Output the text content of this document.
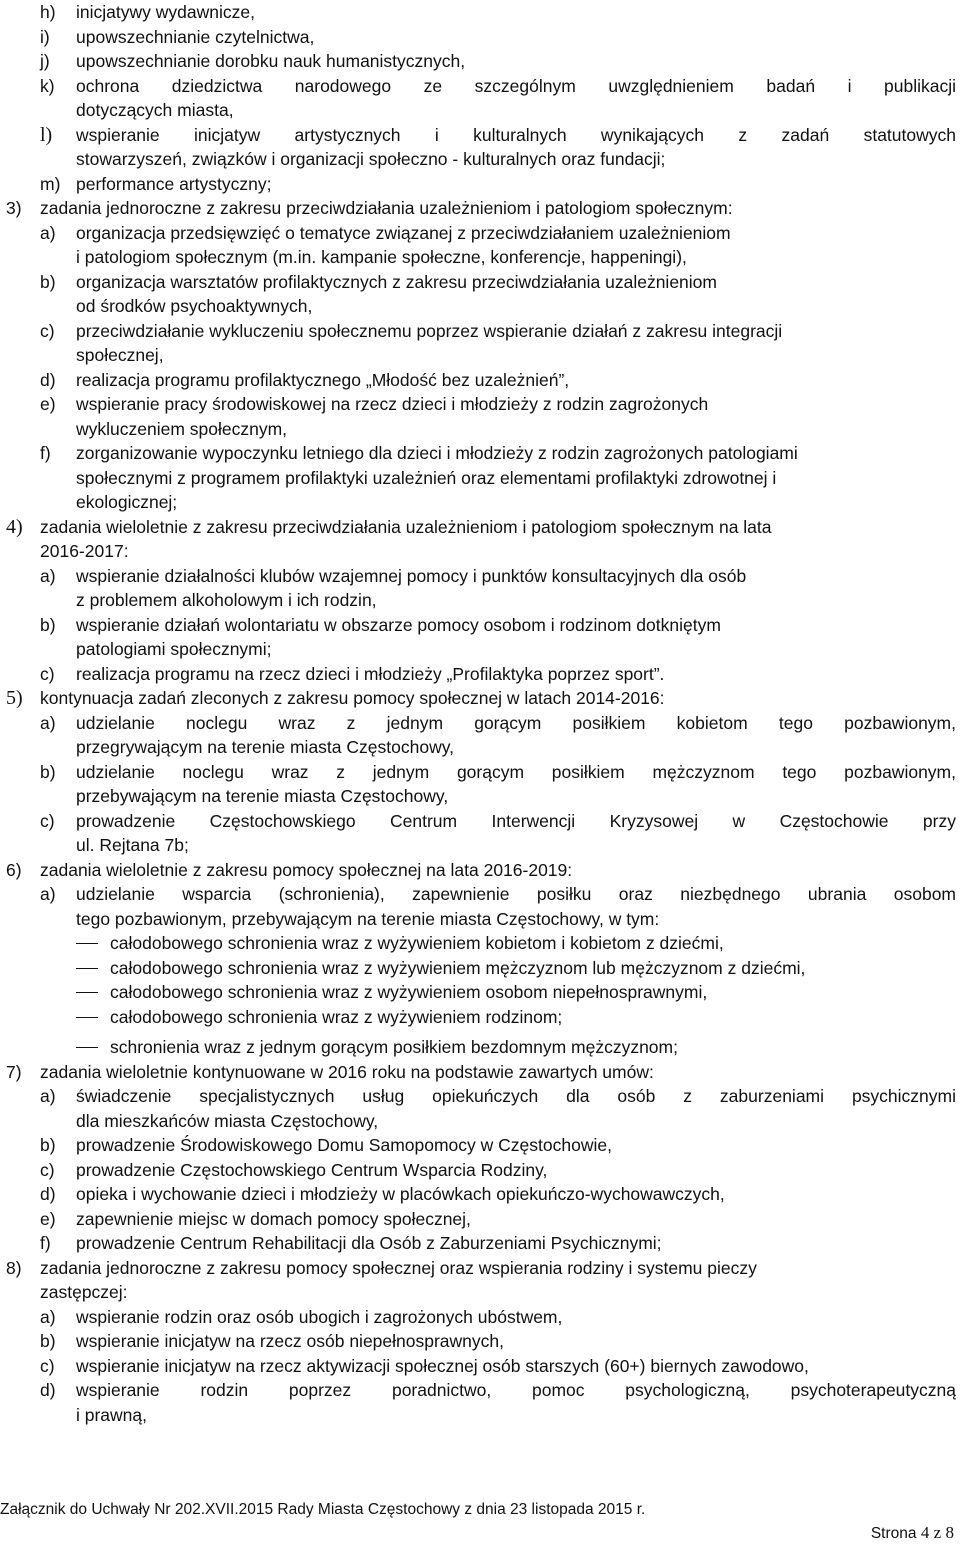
h)	inicjatywy wydawnicze,
i)	upowszechnianie czytelnictwa,
j)	upowszechnianie dorobku nauk humanistycznych,
k)	ochrona dziedzictwa narodowego ze szczególnym uwzględnieniem badań i publikacji
dotyczących miasta,
l)	wspieranie inicjatyw artystycznych i kulturalnych wynikających z zadań statutowych
stowarzyszeń, związków i organizacji społeczno - kulturalnych oraz fundacji;
m) performance artystyczny;
3)	zadania jednoroczne z zakresu przeciwdziałania uzależnieniom i patologiom społecznym:
a)	organizacja przedsięwzięć o tematyce związanej z przeciwdziałaniem uzależnieniom
i patologiom społecznym (m.in. kampanie społeczne, konferencje, happeningi),
b)	organizacja warsztatów profilaktycznych z zakresu przeciwdziałania uzależnieniom
od środków psychoaktywnych,
c)	przeciwdziałanie wykluczeniu społecznemu poprzez wspieranie działań z zakresu integracji
społecznej,
d)	realizacja programu profilaktycznego „Młodość bez uzależnień”,
e)	wspieranie pracy środowiskowej na rzecz dzieci i młodzieży z rodzin zagrożonych
wykluczeniem społecznym,
f)	zorganizowanie wypoczynku letniego dla dzieci i młodzieży z rodzin zagrożonych patologiami
społecznymi z programem profilaktyki uzależnień oraz elementami profilaktyki zdrowotnej i
ekologicznej;
4) zadania wieloletnie z zakresu przeciwdziałania uzależnieniom i patologiom społecznym na lata
2016-2017:
a)	wspieranie działalności klubów wzajemnej pomocy i punktów konsultacyjnych dla osób
z problemem alkoholowym i ich rodzin,
b)	wspieranie działań wolontariatu w obszarze pomocy osobom i rodzinom dotkniętym
patologiami społecznymi;
c)	realizacja programu na rzecz dzieci i młodzieży „Profilaktyka poprzez sport”.
5) kontynuacja zadań zleconych z zakresu pomocy społecznej w latach 2014-2016:
a)	udzielanie noclegu wraz z jednym gorącym posiłkiem kobietom tego pozbawionym,
przegrywającym na terenie miasta Częstochowy,
b)	udzielanie noclegu wraz z jednym gorącym posiłkiem mężczyznom tego pozbawionym,
przebywającym na terenie miasta Częstochowy,
c)	prowadzenie Częstochowskiego Centrum Interwencji Kryzysowej w Częstochowie przy
ul. Rejtana 7b;
6)	zadania wieloletnie z zakresu pomocy społecznej na lata 2016-2019:
a)	udzielanie wsparcia (schronienia), zapewnienie posiłku oraz niezbędnego ubrania osobom
tego pozbawionym, przebywającym na terenie miasta Częstochowy, w tym:
całodobowego schronienia wraz z wyżywieniem kobietom i kobietom z dziećmi,
całodobowego schronienia wraz z wyżywieniem mężczyznom lub mężczyznom z dziećmi,
całodobowego schronienia wraz z wyżywieniem osobom niepełnosprawnymi,
całodobowego schronienia wraz z wyżywieniem rodzinom;
schronienia wraz z jednym gorącym posiłkiem bezdomnym mężczyznom;
7)	zadania wieloletnie kontynuowane w 2016 roku na podstawie zawartych umów:
a)	świadczenie specjalistycznych usług opiekuńczych dla osób z zaburzeniami psychicznymi
dla mieszkańców miasta Częstochowy,
b)	prowadzenie Środowiskowego Domu Samopomocy w Częstochowie,
c)	prowadzenie Częstochowskiego Centrum Wsparcia Rodziny,
d)	opieka i wychowanie dzieci i młodzieży w placówkach opiekuńczo-wychowawczych,
e)	zapewnienie miejsc w domach pomocy społecznej,
f)	prowadzenie Centrum Rehabilitacji dla Osób z Zaburzeniami Psychicznymi;
8)	zadania jednoroczne z zakresu pomocy społecznej oraz wspierania rodziny i systemu pieczy
zastępczej:
a)	wspieranie rodzin oraz osób ubogich i zagrożonych ubóstwem,
b)	wspieranie inicjatyw na rzecz osób niepełnosprawnych,
c)	wspieranie inicjatyw na rzecz aktywizacji społecznej osób starszych (60+) biernych zawodowo,
d)	wspieranie rodzin poprzez poradnictwo, pomoc psychologiczną, psychoterapeutyczną
i prawną,
Załącznik do Uchwały Nr 202.XVII.2015 Rady Miasta Częstochowy z dnia 23 listopada 2015 r.
Strona 4 z 8
